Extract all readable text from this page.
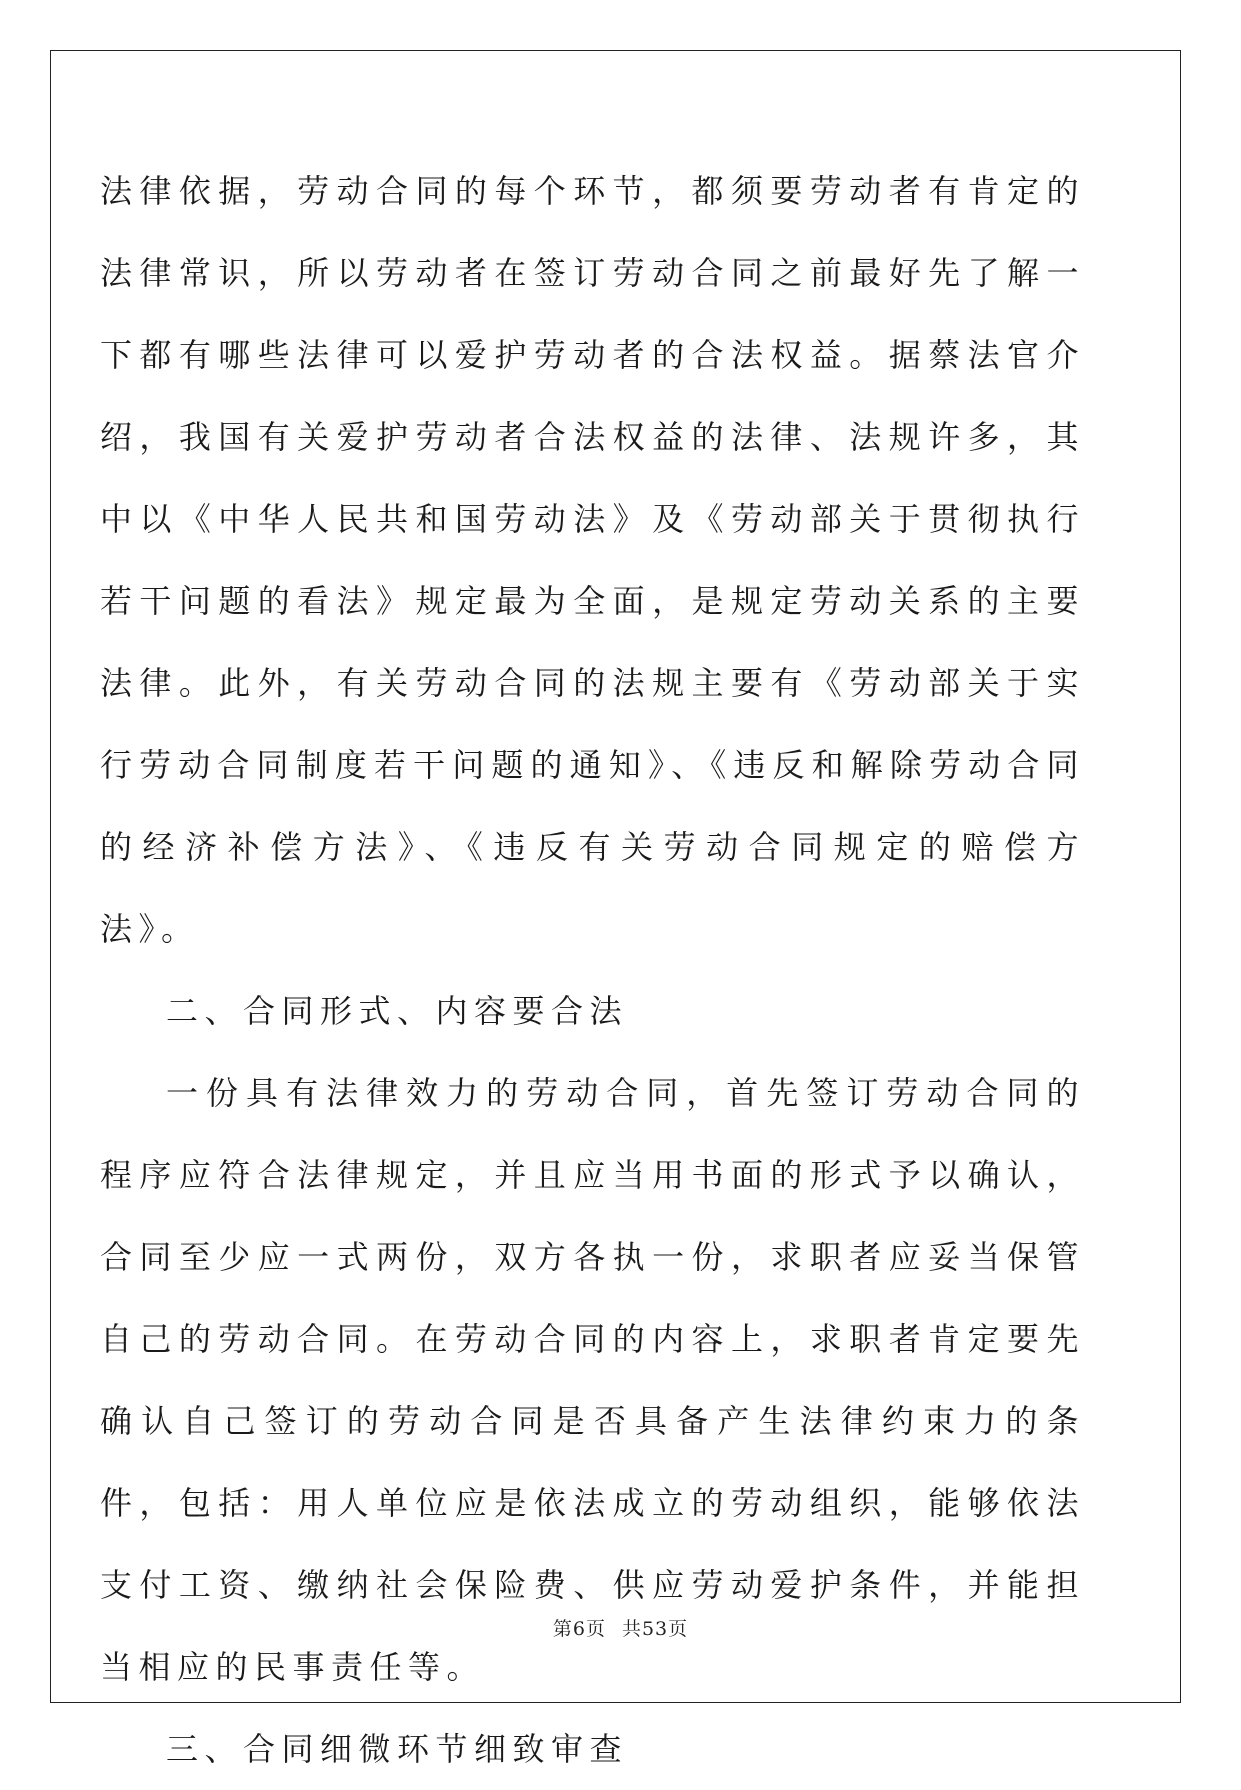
法律依据，劳动合同的每个环节，都须要劳动者有肯定的法律常识，所以劳动者在签订劳动合同之前最好先了解一下都有哪些法律可以爱护劳动者的合法权益。据蔡法官介绍，我国有关爱护劳动者合法权益的法律、法规许多，其中以《中华人民共和国劳动法》及《劳动部关于贯彻执行若干问题的看法》规定最为全面，是规定劳动关系的主要法律。此外，有关劳动合同的法规主要有《劳动部关于实行劳动合同制度若干问题的通知》、《违反和解除劳动合同的经济补偿方法》、《违反有关劳动合同规定的赔偿方法》。

二、合同形式、内容要合法

一份具有法律效力的劳动合同，首先签订劳动合同的程序应符合法律规定，并且应当用书面的形式予以确认，合同至少应一式两份，双方各执一份，求职者应妥当保管自己的劳动合同。在劳动合同的内容上，求职者肯定要先确认自己签订的劳动合同是否具备产生法律约束力的条件，包括：用人单位应是依法成立的劳动组织，能够依法支付工资、缴纳社会保险费、供应劳动爱护条件，并能担当相应的民事责任等。

三、合同细微环节细致审查

第6页 共53页
